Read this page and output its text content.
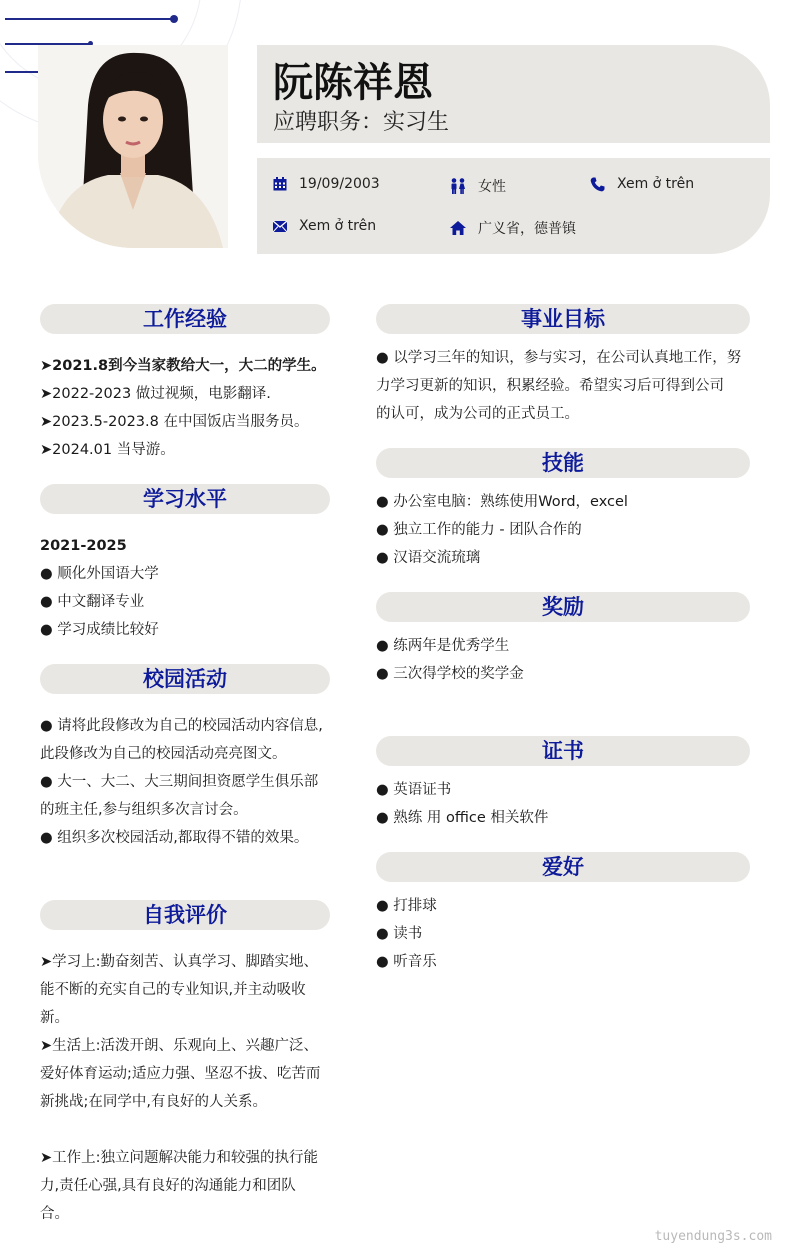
阮陈祥恩
应聘职务：实习生
19/09/2003	女性	Xem ở trên
Xem ở trên	广义省，德普镇
工作经验

➤2021.8到今当家教给大一，大二的学生。

➤2022-2023 做过视频，电影翻译.

➤2023.5-2023.8 在中国饭店当服务员。

➤2024.01 当导游。

学习水平

2021-2025

● 顺化外国语大学

● 中文翻译专业

● 学习成绩比较好

校园活动

● 请将此段修改为自己的校园活动内容信息,

此段修改为自己的校园活动亮亮图文。

● 大一、大二、大三期间担资愿学生俱乐部

的班主任,参与组织多次言讨会。

● 组织多次校园活动,都取得不错的效果。

自我评价

➤学习上:勤奋刻苦、认真学习、脚踏实地、

能不断的充实自己的专业知识,并主动吸收

新。

➤生活上:活泼开朗、乐观向上、兴趣广泛、

爱好体育运动;适应力强、坚忍不拔、吃苦而

新挑战;在同学中,有良好的人关系。

➤工作上:独立问题解决能力和较强的执行能

力,责任心强,具有良好的沟通能力和团队

合。

事业目标

● 以学习三年的知识，参与实习，在公司认真地工作，努

力学习更新的知识，积累经验。希望实习后可得到公司

的认可，成为公司的正式员工。

技能

● 办公室电脑：熟练使用Word，excel

● 独立工作的能力 - 团队合作的

● 汉语交流琉璃

奖励

● 练两年是优秀学生

● 三次得学校的奖学金

证书

● 英语证书

● 熟练 用 office 相关软件

爱好

● 打排球

● 读书

● 听音乐

tuyendung3s.com
